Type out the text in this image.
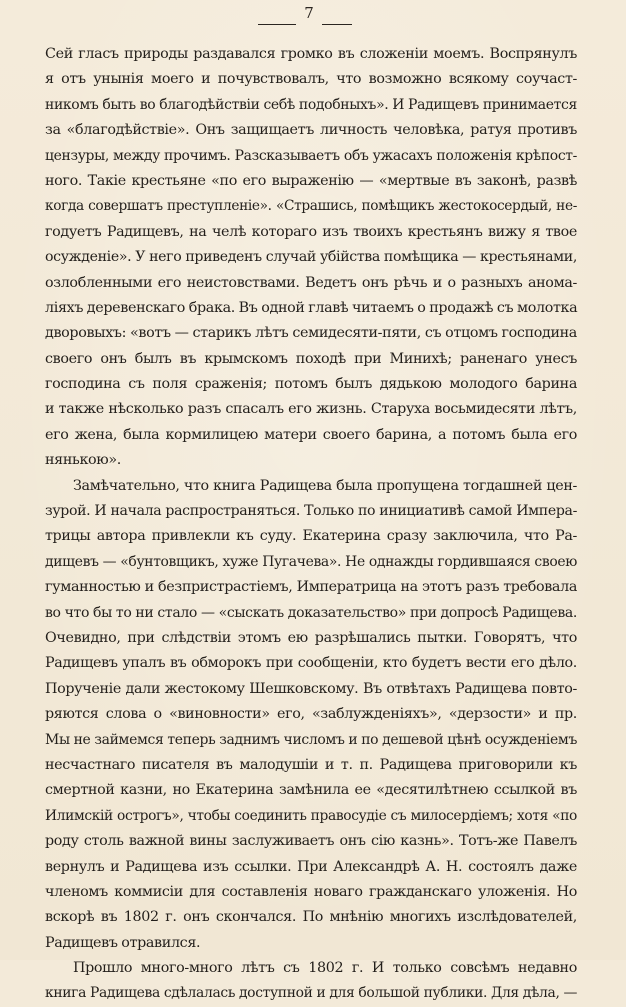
7
Сей гласъ природы раздавался громко въ сложенiи моемъ. Воспрянулъ
я отъ унынiя моего и почувствовалъ, что возможно всякому соучаст-
никомъ быть во благодѣйствiи себѣ подобныхъ». И Радищевъ принимается
за «благодѣйствiе». Онъ защищаетъ личность человѣка, ратуя противъ
цензуры, между прочимъ. Разсказываетъ объ ужасахъ положенiя крѣпост-
ного. Такiе крестьяне «по его выраженiю — «мертвые въ законѣ, развѣ
когда совершатъ преступленiе». «Страшись, помѣщикъ жестокосердый, не-
годуетъ Радищевъ, на челѣ котораго изъ твоихъ крестьянъ вижу я твое
осужденiе». У него приведенъ случай убiйства помѣщика — крестьянами,
озлобленными его неистовствами. Ведетъ онъ рѣчь и о разныхъ анома-
лiяхъ деревенскаго брака. Въ одной главѣ читаемъ о продажѣ съ молотка
дворовыхъ: «вотъ — старикъ лѣтъ семидесяти-пяти, съ отцомъ господина
своего онъ былъ въ крымскомъ походѣ при Минихѣ; раненаго унесъ
господина съ поля сраженiя; потомъ былъ дядькою молодого барина
и также нѣсколько разъ спасалъ его жизнь. Старуха восьмидесяти лѣтъ,
его жена, была кормилицею матери своего барина, а потомъ была его
нянькою».
Замѣчательно, что книга Радищева была пропущена тогдашней цен-
зурой. И начала распространяться. Только по инициативѣ самой Импера-
трицы автора привлекли къ суду. Екатерина сразу заключила, что Ра-
дищевъ — «бунтовщикъ, хуже Пугачева». Не однажды гордившаяся своею
гуманностью и безпристрастiемъ, Императрица на этотъ разъ требовала
во что бы то ни стало — «сыскать доказательство» при допросѣ Радищева.
Очевидно, при слѣдствiи этомъ ею разрѣшались пытки. Говорятъ, что
Радищевъ упалъ въ обморокъ при сообщенiи, кто будетъ вести его дѣло.
Порученiе дали жестокому Шешковскому. Въ отвѣтахъ Радищева повто-
ряются слова о «виновности» его, «заблужденiяхъ», «дерзости» и пр.
Мы не займемся теперь заднимъ числомъ и по дешевой цѣнѣ осужденiемъ
несчастнаго писателя въ малодушiи и т. п. Радищева приговорили къ
смертной казни, но Екатерина замѣнила ее «десятилѣтнею ссылкой въ
Илимскiй острогъ», чтобы соединить правосудiе съ милосердiемъ; хотя «по
роду столь важной вины заслуживаетъ онъ сiю казнь». Тотъ-же Павелъ
вернулъ и Радищева изъ ссылки. При Александрѣ А. Н. состоялъ даже
членомъ коммисiи для составленiя новаго гражданскаго уложенiя. Но
вскорѣ въ 1802 г. онъ скончался. По мнѣнiю многихъ изслѣдователей,
Радищевъ отравился.
Прошло много-много лѣтъ съ 1802 г. И только совсѣмъ недавно
книга Радищева сдѣлалась доступной и для большой публики. Для дѣла, —
